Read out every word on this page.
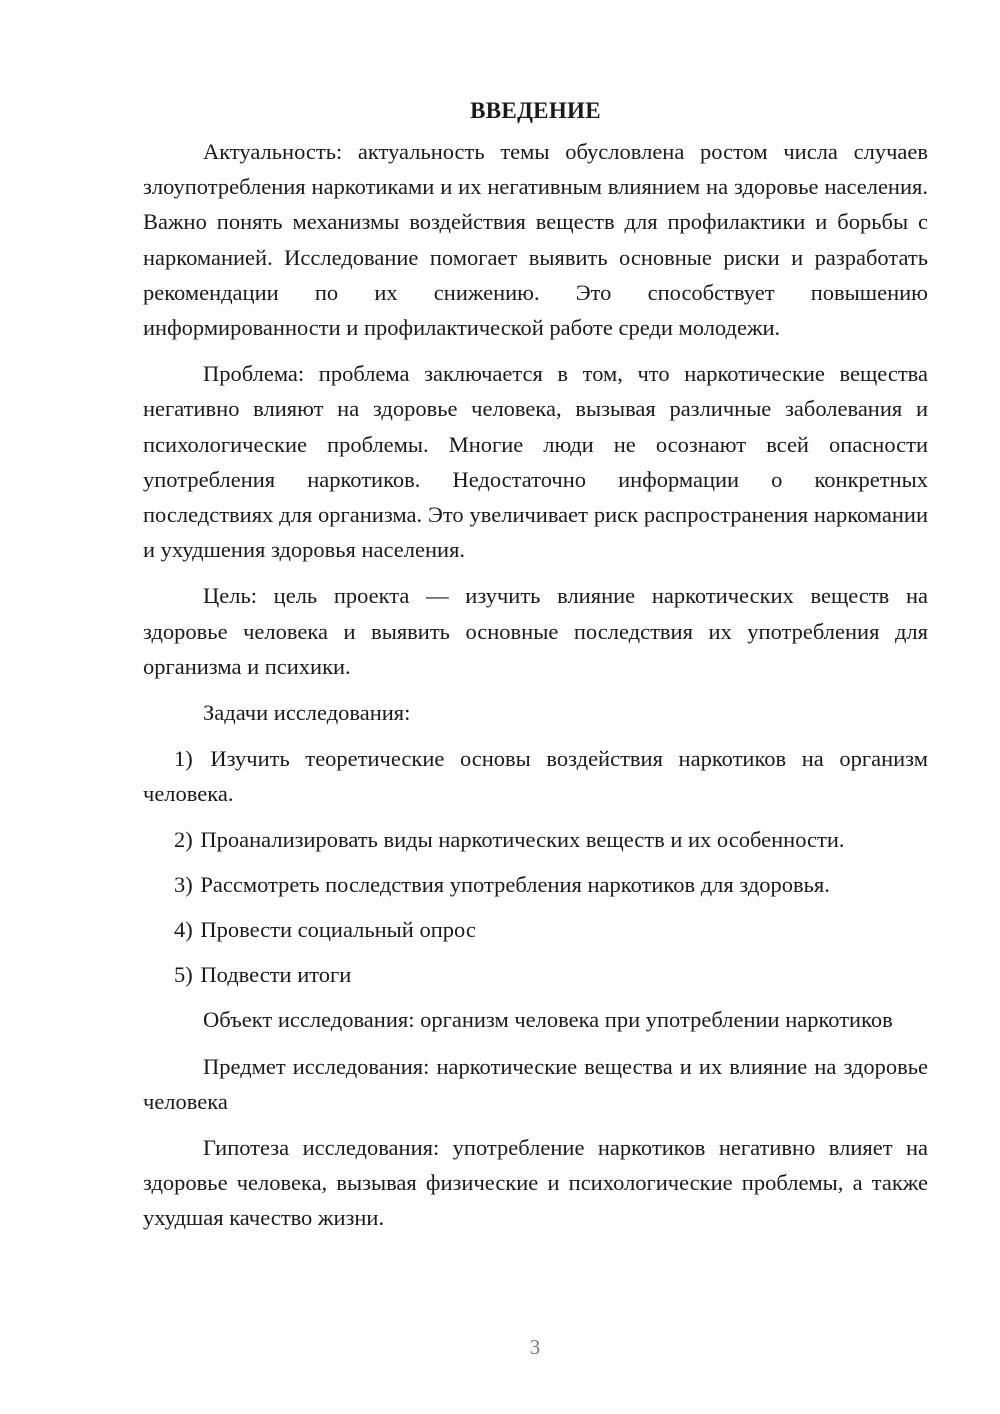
ВВЕДЕНИЕ

Актуальность: актуальность темы обусловлена ростом числа случаев злоупотребления наркотиками и их негативным влиянием на здоровье населения. Важно понять механизмы воздействия веществ для профилактики и борьбы с наркоманией. Исследование помогает выявить основные риски и разработать рекомендации по их снижению. Это способствует повышению информированности и профилактической работе среди молодежи.

Проблема: проблема заключается в том, что наркотические вещества негативно влияют на здоровье человека, вызывая различные заболевания и психологические проблемы. Многие люди не осознают всей опасности употребления наркотиков. Недостаточно информации о конкретных последствиях для организма. Это увеличивает риск распространения наркомании и ухудшения здоровья населения.

Цель: цель проекта — изучить влияние наркотических веществ на здоровье человека и выявить основные последствия их употребления для организма и психики.

Задачи исследования:

1) Изучить теоретические основы воздействия наркотиков на организм человека.

2) Проанализировать виды наркотических веществ и их особенности.

3) Рассмотреть последствия употребления наркотиков для здоровья.

4) Провести социальный опрос

5) Подвести итоги

Объект исследования: организм человека при употреблении наркотиков

Предмет исследования: наркотические вещества и их влияние на здоровье человека

Гипотеза исследования: употребление наркотиков негативно влияет на здоровье человека, вызывая физические и психологические проблемы, а также ухудшая качество жизни.

3
